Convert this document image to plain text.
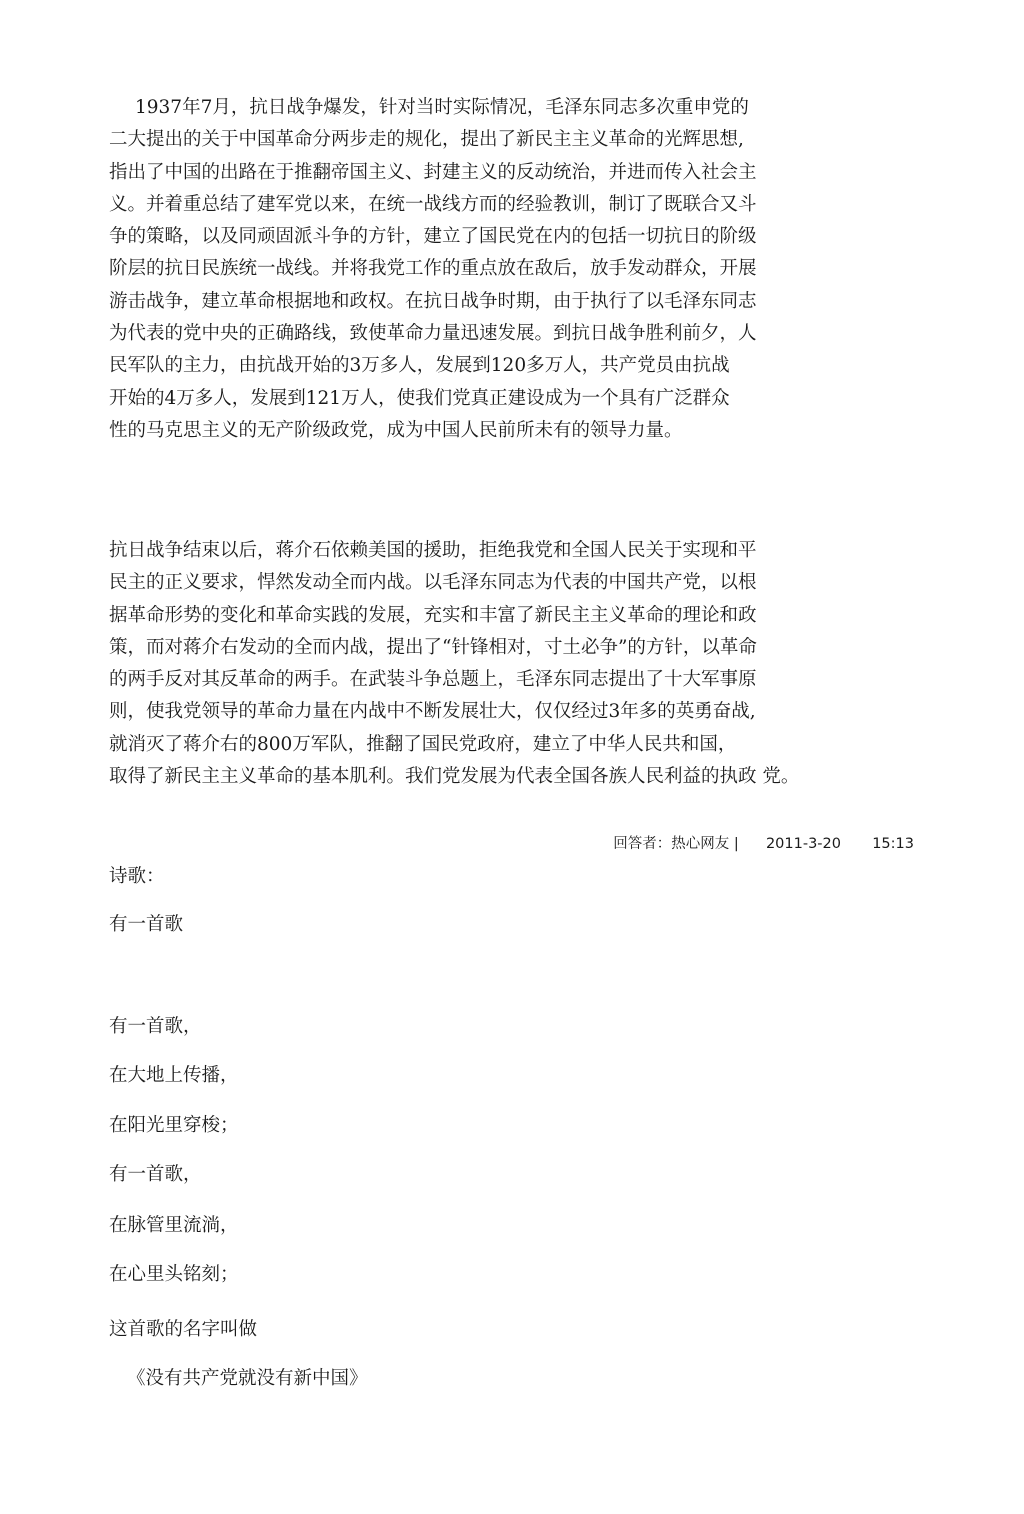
1937年7月，抗日战争爆发，针对当时实际情况，毛泽东同志多次重申党的
二大提出的关于中国革命分两步走的规化，提出了新民主主义革命的光辉思想,
指出了中国的出路在于推翻帝国主义、封建主义的反动统治，并进而传入社会主
义。并着重总结了建军党以来，在统一战线方而的经验教训，制订了既联合又斗
争的策略，以及同顽固派斗争的方针，建立了国民党在内的包括一切抗日的阶级
阶层的抗日民族统一战线。并将我党工作的重点放在敌后，放手发动群众，开展
游击战争，建立革命根据地和政权。在抗日战争时期，由于执行了以毛泽东同志
为代表的党中央的正确路线，致使革命力量迅速发展。到抗日战争胜利前夕，人
民军队的主力，由抗战开始的3万多人，发展到120多万人，共产党员由抗战
开始的4万多人，发展到121万人，使我们党真正建设成为一个具有广泛群众
性的马克思主义的无产阶级政党，成为中国人民前所未有的领导力量。
抗日战争结束以后，蒋介石依赖美国的援助，拒绝我党和全国人民关于实现和平
民主的正义要求，悍然发动全而内战。以毛泽东同志为代表的中国共产党，以根
据革命形势的变化和革命实践的发展，充实和丰富了新民主主义革命的理论和政
策，而对蒋介右发动的全而内战，提出了“针锋相对，寸土必争”的方针，以革命
的两手反对其反革命的两手。在武装斗争总题上，毛泽东同志提出了十大军事原
则，使我党领导的革命力量在内战中不断发展壮大，仅仅经过3年多的英勇奋战,
就消灭了蒋介右的800万军队，推翻了国民党政府，建立了中华人民共和国，
取得了新民主主义革命的基本肌利。我们党发展为代表全国各族人民利益的执政 党。
回答者：热心网友 | 2011-3-20 15:13
诗歌：
有一首歌
有一首歌，
在大地上传播，
在阳光里穿梭；
有一首歌，
在脉管里流淌，
在心里头铭刻；
这首歌的名字叫做
《没有共产党就没有新中国》
